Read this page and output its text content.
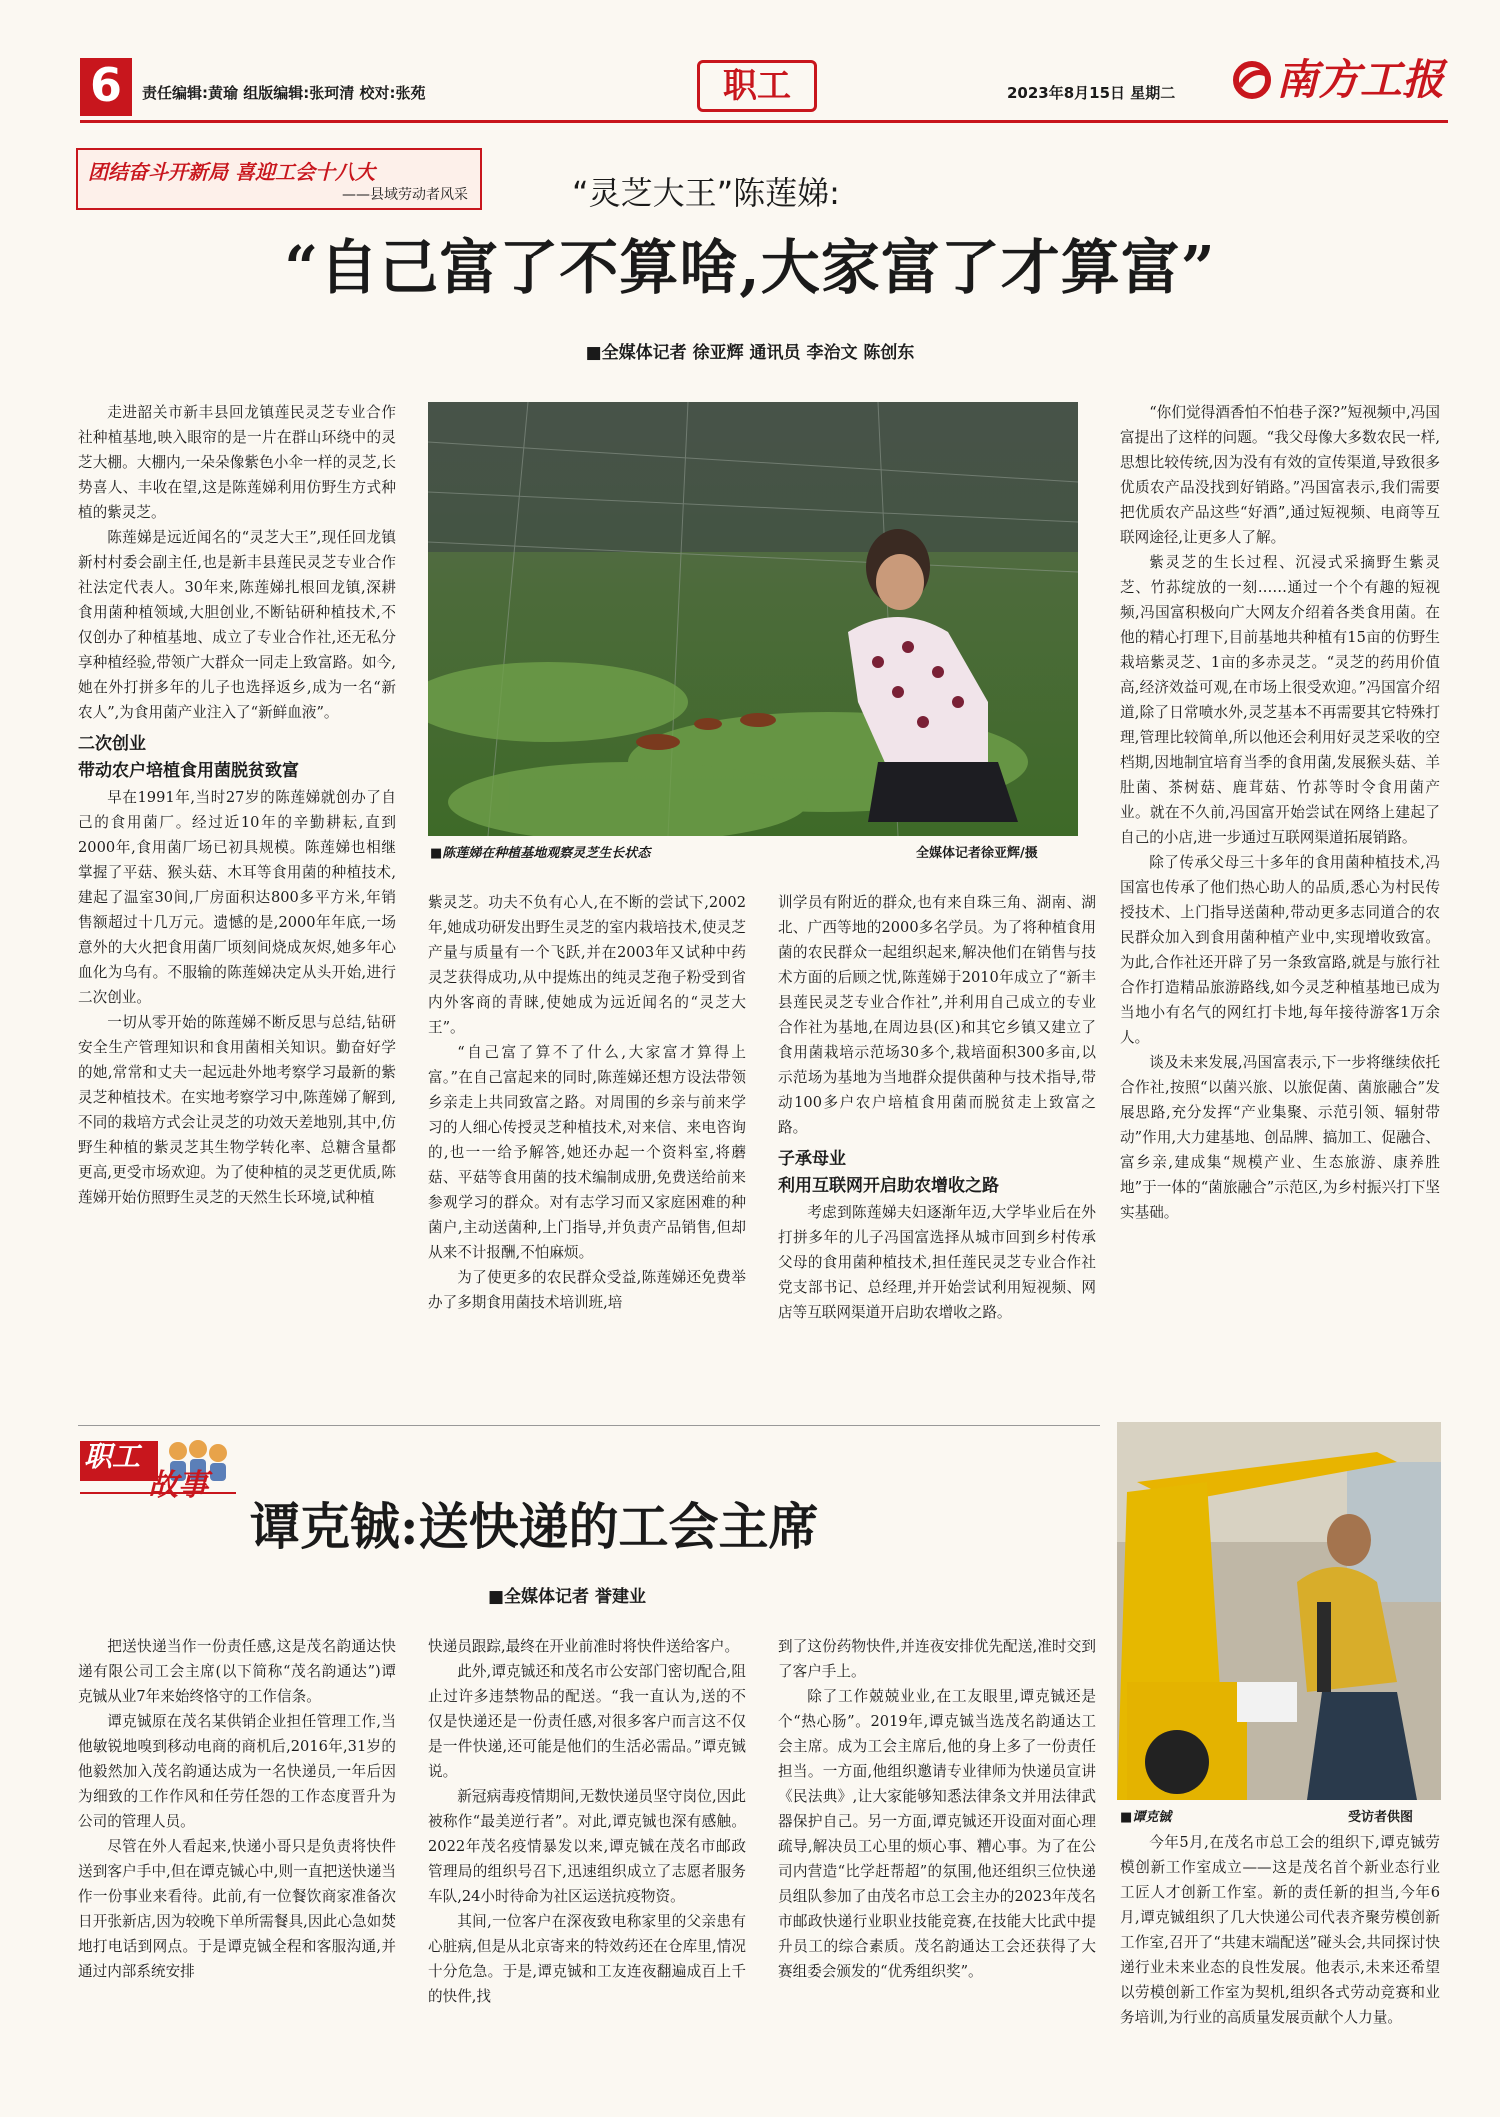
6	责任编辑:黄瑜 组版编辑:张珂清 校对:张苑	职工	2023年8月15日 星期二 南方工报
团结奋斗开新局 喜迎工会十八大
——县域劳动者风采	“灵芝大王”陈莲娣:
“自己富了不算啥,大家富了才算富”
■全媒体记者 徐亚辉 通讯员 李治文 陈创东
■陈莲娣在种植基地观察灵芝生长状态	全媒体记者徐亚辉/摄

走进韶关市新丰县回龙镇莲民灵芝专业合作社种植基地,映入眼帘的是一片在群山环绕中的灵芝大棚。大棚内,一朵朵像紫色小伞一样的灵芝,长势喜人、丰收在望,这是陈莲娣利用仿野生方式种植的紫灵芝。

陈莲娣是远近闻名的“灵芝大王”,现任回龙镇新村村委会副主任,也是新丰县莲民灵芝专业合作社法定代表人。30年来,陈莲娣扎根回龙镇,深耕食用菌种植领域,大胆创业,不断钻研种植技术,不仅创办了种植基地、成立了专业合作社,还无私分享种植经验,带领广大群众一同走上致富路。如今,她在外打拼多年的儿子也选择返乡,成为一名“新农人”,为食用菌产业注入了“新鲜血液”。

二次创业
带动农户培植食用菌脱贫致富

早在1991年,当时27岁的陈莲娣就创办了自己的食用菌厂。经过近10年的辛勤耕耘,直到2000年,食用菌厂场已初具规模。陈莲娣也相继掌握了平菇、猴头菇、木耳等食用菌的种植技术,建起了温室30间,厂房面积达800多平方米,年销售额超过十几万元。遗憾的是,2000年年底,一场意外的大火把食用菌厂顷刻间烧成灰烬,她多年心血化为乌有。不服输的陈莲娣决定从头开始,进行二次创业。

一切从零开始的陈莲娣不断反思与总结,钻研安全生产管理知识和食用菌相关知识。勤奋好学的她,常常和丈夫一起远赴外地考察学习最新的紫灵芝种植技术。在实地考察学习中,陈莲娣了解到,不同的栽培方式会让灵芝的功效天差地别,其中,仿野生种植的紫灵芝其生物学转化率、总糖含量都更高,更受市场欢迎。为了使种植的灵芝更优质,陈莲娣开始仿照野生灵芝的天然生长环境,试种植

紫灵芝。功夫不负有心人,在不断的尝试下,2002年,她成功研发出野生灵芝的室内栽培技术,使灵芝产量与质量有一个飞跃,并在2003年又试种中药灵芝获得成功,从中提炼出的纯灵芝孢子粉受到省内外客商的青睐,使她成为远近闻名的“灵芝大王”。

“自己富了算不了什么,大家富才算得上富。”在自己富起来的同时,陈莲娣还想方设法带领乡亲走上共同致富之路。对周围的乡亲与前来学习的人细心传授灵芝种植技术,对来信、来电咨询的,也一一给予解答,她还办起一个资料室,将蘑菇、平菇等食用菌的技术编制成册,免费送给前来参观学习的群众。对有志学习而又家庭困难的种菌户,主动送菌种,上门指导,并负责产品销售,但却从来不计报酬,不怕麻烦。

为了使更多的农民群众受益,陈莲娣还免费举办了多期食用菌技术培训班,培

训学员有附近的群众,也有来自珠三角、湖南、湖北、广西等地的2000多名学员。为了将种植食用菌的农民群众一起组织起来,解决他们在销售与技术方面的后顾之忧,陈莲娣于2010年成立了“新丰县莲民灵芝专业合作社”,并利用自己成立的专业合作社为基地,在周边县(区)和其它乡镇又建立了食用菌栽培示范场30多个,栽培面积300多亩,以示范场为基地为当地群众提供菌种与技术指导,带动100多户农户培植食用菌而脱贫走上致富之路。

子承母业
利用互联网开启助农增收之路

考虑到陈莲娣夫妇逐渐年迈,大学毕业后在外打拼多年的儿子冯国富选择从城市回到乡村传承父母的食用菌种植技术,担任莲民灵芝专业合作社党支部书记、总经理,并开始尝试利用短视频、网店等互联网渠道开启助农增收之路。

“你们觉得酒香怕不怕巷子深?”短视频中,冯国富提出了这样的问题。“我父母像大多数农民一样,思想比较传统,因为没有有效的宣传渠道,导致很多优质农产品没找到好销路。”冯国富表示,我们需要把优质农产品这些“好酒”,通过短视频、电商等互联网途径,让更多人了解。

紫灵芝的生长过程、沉浸式采摘野生紫灵芝、竹荪绽放的一刻……通过一个个有趣的短视频,冯国富积极向广大网友介绍着各类食用菌。在他的精心打理下,目前基地共种植有15亩的仿野生栽培紫灵芝、1亩的多赤灵芝。“灵芝的药用价值高,经济效益可观,在市场上很受欢迎。”冯国富介绍道,除了日常喷水外,灵芝基本不再需要其它特殊打理,管理比较简单,所以他还会利用好灵芝采收的空档期,因地制宜培育当季的食用菌,发展猴头菇、羊肚菌、茶树菇、鹿茸菇、竹荪等时令食用菌产业。就在不久前,冯国富开始尝试在网络上建起了自己的小店,进一步通过互联网渠道拓展销路。

除了传承父母三十多年的食用菌种植技术,冯国富也传承了他们热心助人的品质,悉心为村民传授技术、上门指导送菌种,带动更多志同道合的农民群众加入到食用菌种植产业中,实现增收致富。为此,合作社还开辟了另一条致富路,就是与旅行社合作打造精品旅游路线,如今灵芝种植基地已成为当地小有名气的网红打卡地,每年接待游客1万余人。

谈及未来发展,冯国富表示,下一步将继续依托合作社,按照“以菌兴旅、以旅促菌、菌旅融合”发展思路,充分发挥“产业集聚、示范引领、辐射带动”作用,大力建基地、创品牌、搞加工、促融合、富乡亲,建成集“规模产业、生态旅游、康养胜地”于一体的“菌旅融合”示范区,为乡村振兴打下坚实基础。

职工
故事
谭克铖:送快递的工会主席
■全媒体记者 誉建业
■谭克铖	受访者供图

把送快递当作一份责任感,这是茂名韵通达快递有限公司工会主席(以下简称“茂名韵通达”)谭克铖从业7年来始终恪守的工作信条。

谭克铖原在茂名某供销企业担任管理工作,当他敏锐地嗅到移动电商的商机后,2016年,31岁的他毅然加入茂名韵通达成为一名快递员,一年后因为细致的工作作风和任劳任怨的工作态度晋升为公司的管理人员。

尽管在外人看起来,快递小哥只是负责将快件送到客户手中,但在谭克铖心中,则一直把送快递当作一份事业来看待。此前,有一位餐饮商家准备次日开张新店,因为较晚下单所需餐具,因此心急如焚地打电话到网点。于是谭克铖全程和客服沟通,并通过内部系统安排

快递员跟踪,最终在开业前准时将快件送给客户。

此外,谭克铖还和茂名市公安部门密切配合,阻止过许多违禁物品的配送。“我一直认为,送的不仅是快递还是一份责任感,对很多客户而言这不仅是一件快递,还可能是他们的生活必需品。”谭克铖说。

新冠病毒疫情期间,无数快递员坚守岗位,因此被称作“最美逆行者”。对此,谭克铖也深有感触。2022年茂名疫情暴发以来,谭克铖在茂名市邮政管理局的组织号召下,迅速组织成立了志愿者服务车队,24小时待命为社区运送抗疫物资。

其间,一位客户在深夜致电称家里的父亲患有心脏病,但是从北京寄来的特效药还在仓库里,情况十分危急。于是,谭克铖和工友连夜翻遍成百上千的快件,找

到了这份药物快件,并连夜安排优先配送,准时交到了客户手上。

除了工作兢兢业业,在工友眼里,谭克铖还是个“热心肠”。2019年,谭克铖当选茂名韵通达工会主席。成为工会主席后,他的身上多了一份责任担当。一方面,他组织邀请专业律师为快递员宣讲《民法典》,让大家能够知悉法律条文并用法律武器保护自己。另一方面,谭克铖还开设面对面心理疏导,解决员工心里的烦心事、糟心事。为了在公司内营造“比学赶帮超”的氛围,他还组织三位快递员组队参加了由茂名市总工会主办的2023年茂名市邮政快递行业职业技能竞赛,在技能大比武中提升员工的综合素质。茂名韵通达工会还获得了大赛组委会颁发的“优秀组织奖”。

今年5月,在茂名市总工会的组织下,谭克铖劳模创新工作室成立——这是茂名首个新业态行业工匠人才创新工作室。新的责任新的担当,今年6月,谭克铖组织了几大快递公司代表齐聚劳模创新工作室,召开了“共建末端配送”碰头会,共同探讨快递行业未来业态的良性发展。他表示,未来还希望以劳模创新工作室为契机,组织各式劳动竞赛和业务培训,为行业的高质量发展贡献个人力量。
